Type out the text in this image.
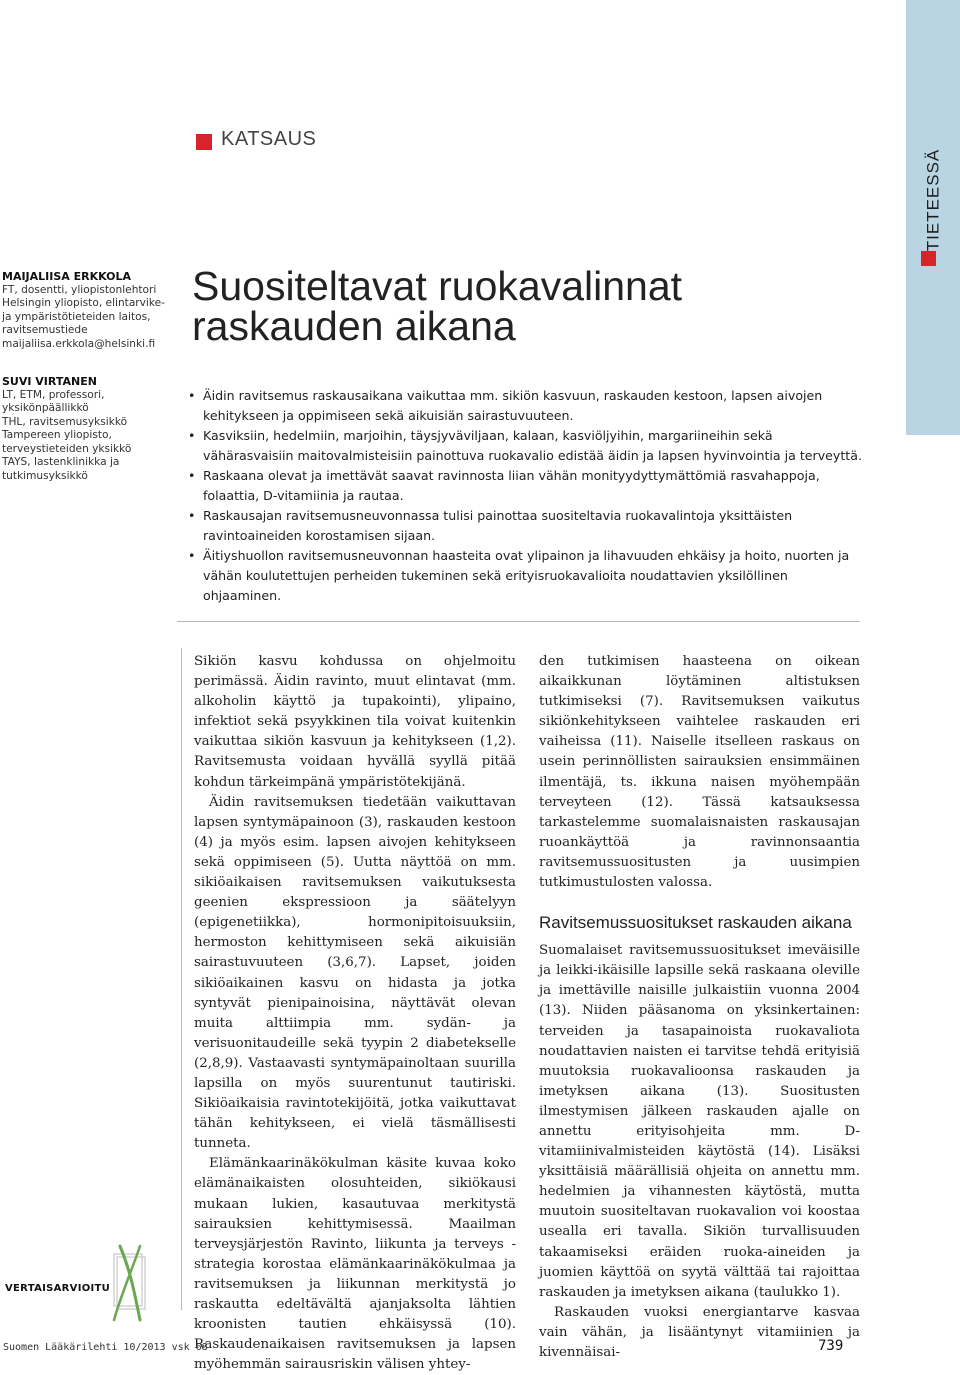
TIETEESSÄ
KATSAUS
Suositeltavat ruokavalinnat raskauden aikana
MAIJALIISA ERKKOLA
FT, dosentti, yliopistonlehtori
Helsingin yliopisto, elintarvike-
ja ympäristötieteiden laitos,
ravitsemustiede
maijaliisa.erkkola@helsinki.fi
SUVI VIRTANEN
LT, ETM, professori,
yksikönpäällikkö
THL, ravitsemusyksikkö
Tampereen yliopisto,
terveystieteiden yksikkö
TAYS, lastenklinikka ja
tutkimusyksikkö
• Äidin ravitsemus raskausaikana vaikuttaa mm. sikiön kasvuun, raskauden kestoon, lapsen aivojen kehitykseen ja oppimiseen sekä aikuisiän sairastuvuuteen.
• Kasviksiin, hedelmiin, marjoihin, täysjyväviljaan, kalaan, kasviöljyihin, margariineihin sekä vähärasvaisiin maitovalmisteisiin painottuva ruokavalio edistää äidin ja lapsen hyvinvointia ja terveyttä.
• Raskaana olevat ja imettävät saavat ravinnosta liian vähän monityydyttymättömiä rasvahappoja, folaattia, D-vitamiinia ja rautaa.
• Raskausajan ravitsemusneuvonnassa tulisi painottaa suositeltavia ruokavalintoja yksittäisten ravintoaineiden korostamisen sijaan.
• Äitiyshuollon ravitsemusneuvonnan haasteita ovat ylipainon ja lihavuuden ehkäisy ja hoito, nuorten ja vähän koulutettujen perheiden tukeminen sekä erityisruokavalioita noudattavien yksilöllinen ohjaaminen.

Sikiön kasvu kohdussa on ohjelmoitu perimässä. Äidin ravinto, muut elintavat (mm. alkoholin käyttö ja tupakointi), ylipaino, infektiot sekä psyykkinen tila voivat kuitenkin vaikuttaa sikiön kasvuun ja kehitykseen (1,2). Ravitsemusta voidaan hyvällä syyllä pitää kohdun tärkeimpänä ympäristötekijänä.

Äidin ravitsemuksen tiedetään vaikuttavan lapsen syntymäpainoon (3), raskauden kestoon (4) ja myös esim. lapsen aivojen kehitykseen sekä oppimiseen (5). Uutta näyttöä on mm. sikiöaikaisen ravitsemuksen vaikutuksesta geenien ekspressioon ja säätelyyn (epigenetiikka), hormonipitoisuuksiin, hermoston kehittymiseen sekä aikuisiän sairastuvuuteen (3,6,7). Lapset, joiden sikiöaikainen kasvu on hidasta ja jotka syntyvät pienipainoisina, näyttävät olevan muita alttiimpia mm. sydän- ja verisuonitaudeille sekä tyypin 2 diabetekselle (2,8,9). Vastaavasti syntymäpainoltaan suurilla lapsilla on myös suurentunut tautiriski. Sikiöaikaisia ravintotekijöitä, jotka vaikuttavat tähän kehitykseen, ei vielä täsmällisesti tunneta.

Elämänkaarinäkökulman käsite kuvaa koko elämänaikaisten olosuhteiden, sikiökausi mukaan lukien, kasautuvaa merkitystä sairauksien kehittymisessä. Maailman terveysjärjestön Ravinto, liikunta ja terveys -strategia korostaa elämänkaarinäkökulmaa ja ravitsemuksen ja liikunnan merkitystä jo raskautta edeltävältä ajanjaksolta lähtien kroonisten tautien ehkäisyssä (10). Raskaudenaikaisen ravitsemuksen ja lapsen myöhemmän sairausriskin välisen yhtey-

den tutkimisen haasteena on oikean aikaikkunan löytäminen altistuksen tutkimiseksi (7). Ravitsemuksen vaikutus sikiönkehitykseen vaihtelee raskauden eri vaiheissa (11). Naiselle itselleen raskaus on usein perinnöllisten sairauksien ensimmäinen ilmentäjä, ts. ikkuna naisen myöhempään terveyteen (12). Tässä katsauksessa tarkastelemme suomalaisnaisten raskausajan ruoankäyttöä ja ravinnonsaantia ravitsemussuositusten ja uusimpien tutkimustulosten valossa.

Ravitsemussuositukset raskauden aikana

Suomalaiset ravitsemussuositukset imeväisille ja leikki-ikäisille lapsille sekä raskaana oleville ja imettäville naisille julkaistiin vuonna 2004 (13). Niiden pääsanoma on yksinkertainen: terveiden ja tasapainoista ruokavaliota noudattavien naisten ei tarvitse tehdä erityisiä muutoksia ruokavalioonsa raskauden ja imetyksen aikana (13). Suositusten ilmestymisen jälkeen raskauden ajalle on annettu erityisohjeita mm. D-vitamiinivalmisteiden käytöstä (14). Lisäksi yksittäisiä määrällisiä ohjeita on annettu mm. hedelmien ja vihannesten käytöstä, mutta muutoin suositeltavan ruokavalion voi koostaa usealla eri tavalla. Sikiön turvallisuuden takaamiseksi eräiden ruoka-aineiden ja juomien käyttöä on syytä välttää tai rajoittaa raskauden ja imetyksen aikana (taulukko 1).

Raskauden vuoksi energiantarve kasvaa vain vähän, ja lisääntynyt vitamiinien ja kivennäisai-

VERTAISARVIOITU
Suomen Lääkärilehti 10/2013 vsk 68	739
